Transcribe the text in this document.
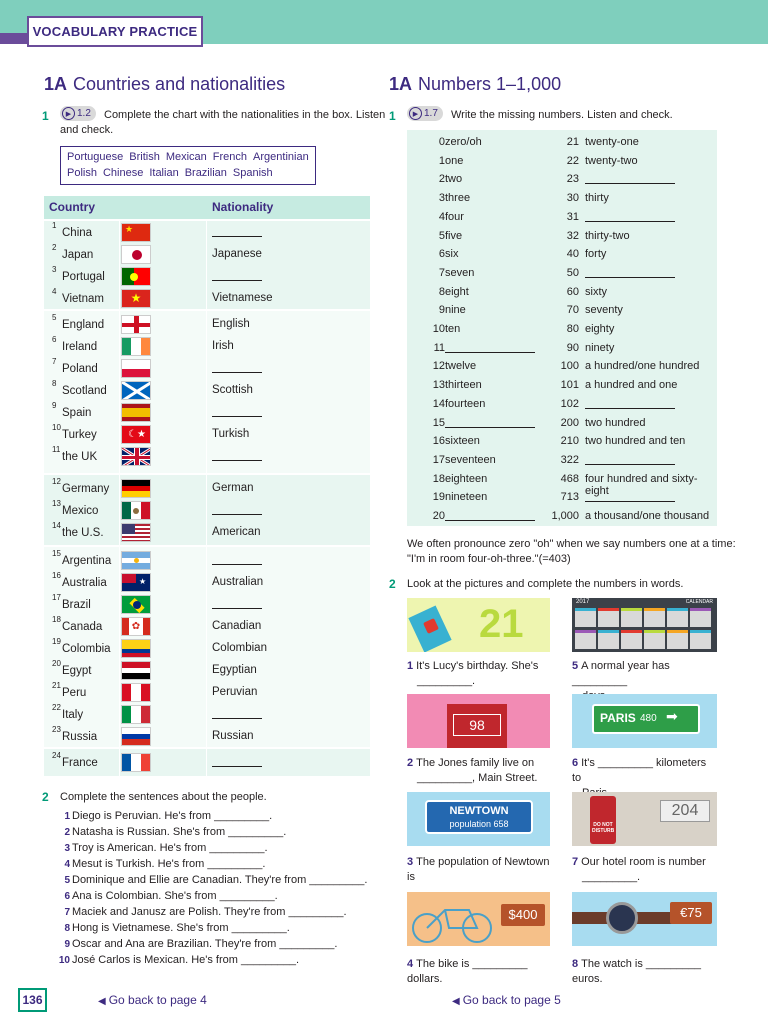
VOCABULARY PRACTICE
1A Countries and nationalities
1	▶ 1.2 Complete the chart with the nationalities in the box. Listen
and check.
Portuguese British Mexican French Argentinian
Polish Chinese Italian Brazilian Spanish
Country	Nationality
1
China	★
2
Japan	Japanese
3
Portugal
4
Vietnam	★	Vietnamese
5
England	English
6
Ireland	Irish
7
Poland
8
Scotland	Scottish
9
Spain
10
Turkey	☾★	Turkish
11
the UK
12
Germany	German
13
Mexico
14
the U.S.	American
15
Argentina
16
Australia	★	Australian
17
Brazil
18
Canada	✿	Canadian
19
Colombia	Colombian
20
Egypt	Egyptian
21
Peru	Peruvian
22
Italy
23
Russia	Russian
24
France
2 Complete the sentences about the people.
1 Diego is Peruvian. He's from _________.
2 Natasha is Russian. She's from _________.
3 Troy is American. He's from _________.
4 Mesut is Turkish. He's from _________.
5 Dominique and Ellie are Canadian. They're from _________.
6 Ana is Colombian. She's from _________.
7 Maciek and Janusz are Polish. They're from _________.
8 Hong is Vietnamese. She's from _________.
9 Oscar and Ana are Brazilian. They're from _________.
10 José Carlos is Mexican. He's from _________.
136	◀ Go back to page 4
1A Numbers 1–1,000
1	▶ 1.7 Write the missing numbers. Listen and check.
0 zero/oh	21 twenty-one
1 one	22 twenty-two
2 two	23
3 three	30 thirty
4 four	31
5 five	32 thirty-two
6 six	40 forty
7 seven	50
8 eight	60 sixty
9 nine	70 seventy
10 ten	80 eighty
11	90 ninety
12 twelve	100 a hundred/one hundred
13 thirteen	101 a hundred and one
14 fourteen	102
15	200 two hundred
16 sixteen	210 two hundred and ten
17 seventeen	322
18 eighteen	468 four hundred and sixty-eight
19 nineteen	713
20	1,000 a thousand/one thousand
We often pronounce zero "oh" when we say numbers one at a time:
"I'm in room four-oh-three."(=403)
2 Look at the pictures and complete the numbers in words.
21	2017	CALENDAR
1 It's Lucy's birthday. She's
_________.
5 A normal year has _________
98	PARIS 480 ➡
2 The Jones family live on
_________, Main Street.
6 It's _________ kilometers to
NEWTOWN
population 658	DO NOT DISTURB
204
3 The population of Newtown is
7 Our hotel room is number
_________.
$400	€75
4 The bike is _________ dollars.
8 The watch is _________ euros.
◀ Go back to page 5
